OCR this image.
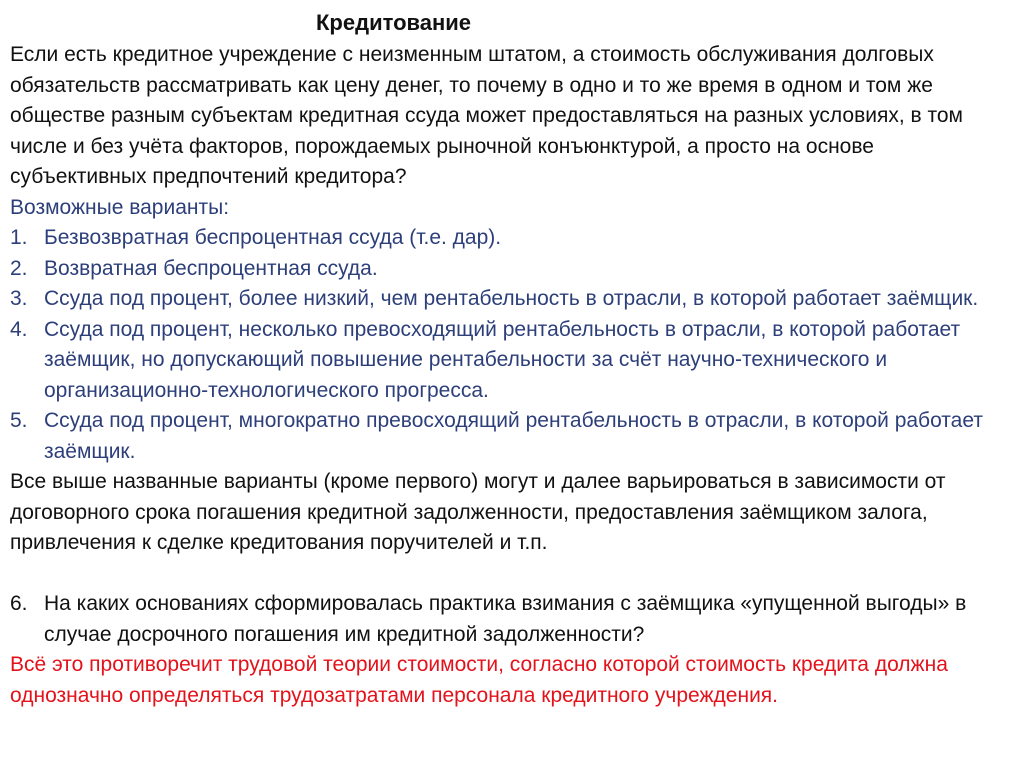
Кредитование

Если есть кредитное учреждение с неизменным штатом, а стоимость обслуживания долговых обязательств рассматривать как цену денег, то почему в одно и то же время в одном и том же обществе разным субъектам кредитная ссуда может предоставляться на разных условиях, в том числе и без учёта факторов, порождаемых рыночной конъюнктурой, а просто на основе субъективных предпочтений кредитора?

Возможные варианты:

1. Безвозвратная беспроцентная ссуда (т.е. дар).
2. Возвратная беспроцентная ссуда.
3. Ссуда под процент, более низкий, чем рентабельность в отрасли, в которой работает заёмщик.
4. Ссуда под процент, несколько превосходящий рентабельность в отрасли, в которой работает заёмщик, но допускающий повышение рентабельности за счёт научно-технического и организационно-технологического прогресса.
5. Ссуда под процент, многократно превосходящий рентабельность в отрасли, в которой работает заёмщик.

Все выше названные варианты (кроме первого) могут и далее варьироваться в зависимости от договорного срока погашения кредитной задолженности, предоставления заёмщиком залога, привлечения к сделке кредитования поручителей и т.п.

6. На каких основаниях сформировалась практика взимания с заёмщика «упущенной выгоды» в случае досрочного погашения им кредитной задолженности?

Всё это противоречит трудовой теории стоимости, согласно которой стоимость кредита должна однозначно определяться трудозатратами персонала кредитного учреждения.
